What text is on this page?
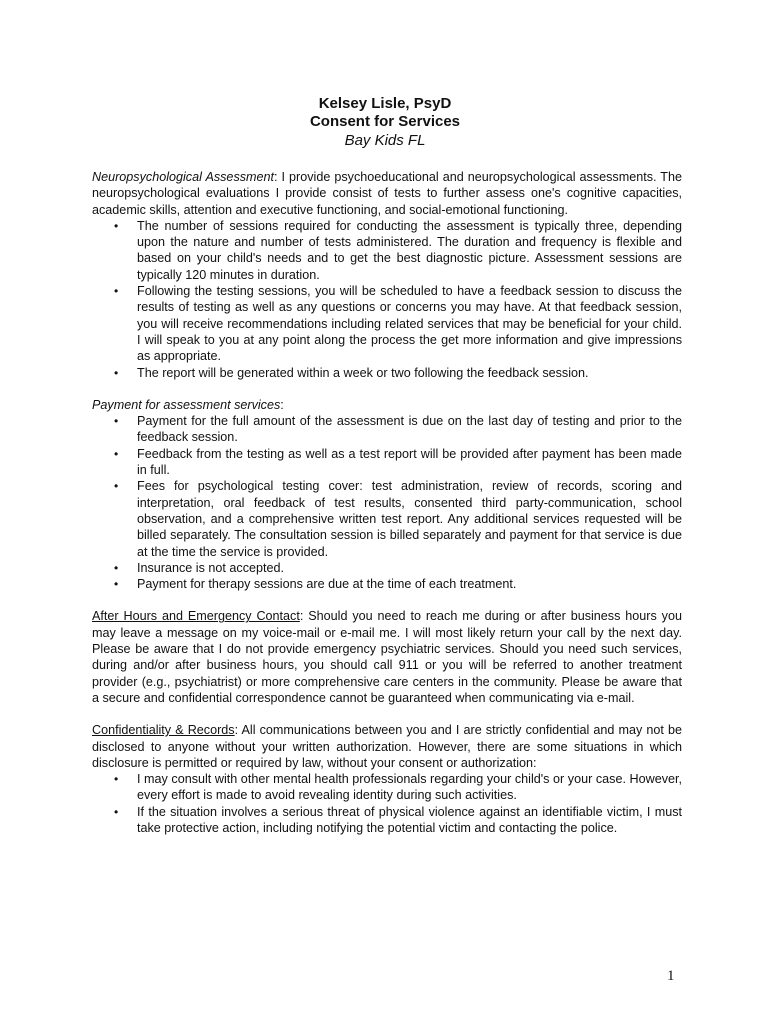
Kelsey Lisle, PsyD
Consent for Services
Bay Kids FL

Neuropsychological Assessment: I provide psychoeducational and neuropsychological assessments. The neuropsychological evaluations I provide consist of tests to further assess one's cognitive capacities, academic skills, attention and executive functioning, and social-emotional functioning.

• The number of sessions required for conducting the assessment is typically three, depending upon the nature and number of tests administered. The duration and frequency is flexible and based on your child's needs and to get the best diagnostic picture. Assessment sessions are typically 120 minutes in duration.
• Following the testing sessions, you will be scheduled to have a feedback session to discuss the results of testing as well as any questions or concerns you may have. At that feedback session, you will receive recommendations including related services that may be beneficial for your child. I will speak to you at any point along the process the get more information and give impressions as appropriate.
• The report will be generated within a week or two following the feedback session.

Payment for assessment services:

• Payment for the full amount of the assessment is due on the last day of testing and prior to the feedback session.
• Feedback from the testing as well as a test report will be provided after payment has been made in full.
• Fees for psychological testing cover: test administration, review of records, scoring and interpretation, oral feedback of test results, consented third party-communication, school observation, and a comprehensive written test report. Any additional services requested will be billed separately. The consultation session is billed separately and payment for that service is due at the time the service is provided.
• Insurance is not accepted.
• Payment for therapy sessions are due at the time of each treatment.

After Hours and Emergency Contact: Should you need to reach me during or after business hours you may leave a message on my voice-mail or e-mail me. I will most likely return your call by the next day. Please be aware that I do not provide emergency psychiatric services. Should you need such services, during and/or after business hours, you should call 911 or you will be referred to another treatment provider (e.g., psychiatrist) or more comprehensive care centers in the community. Please be aware that a secure and confidential correspondence cannot be guaranteed when communicating via e-mail.

Confidentiality & Records: All communications between you and I are strictly confidential and may not be disclosed to anyone without your written authorization. However, there are some situations in which disclosure is permitted or required by law, without your consent or authorization:

• I may consult with other mental health professionals regarding your child's or your case. However, every effort is made to avoid revealing identity during such activities.
• If the situation involves a serious threat of physical violence against an identifiable victim, I must take protective action, including notifying the potential victim and contacting the police.
1
